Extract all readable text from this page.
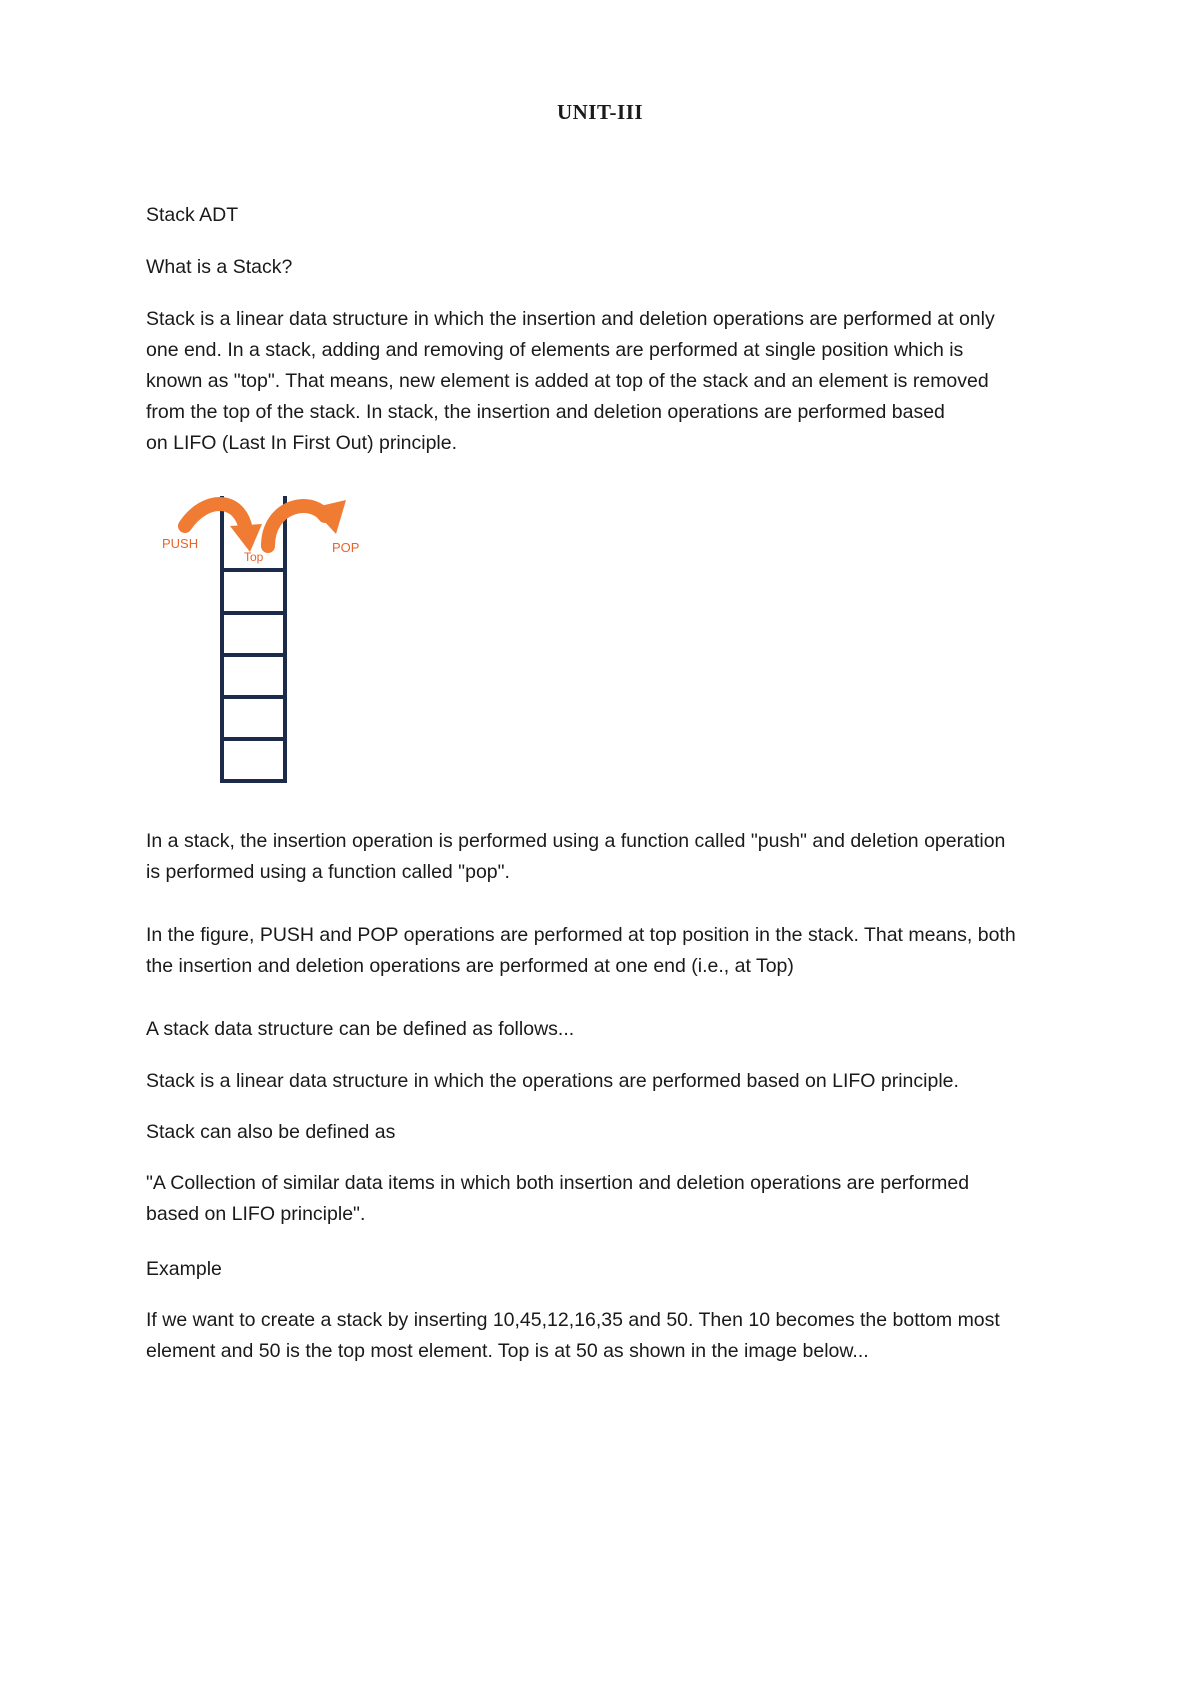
UNIT-III

Stack ADT

What is a Stack?

Stack is a linear data structure in which the insertion and deletion operations are performed at only
one end. In a stack, adding and removing of elements are performed at single position which is
known as "top". That means, new element is added at top of the stack and an element is removed
from the top of the stack. In stack, the insertion and deletion operations are performed based
on LIFO (Last In First Out) principle.
PUSH
Top
POP
In a stack, the insertion operation is performed using a function called "push" and deletion operation
is performed using a function called "pop".
In the figure, PUSH and POP operations are performed at top position in the stack. That means, both
the insertion and deletion operations are performed at one end (i.e., at Top)

A stack data structure can be defined as follows...

Stack is a linear data structure in which the operations are performed based on LIFO principle.

Stack can also be defined as

"A Collection of similar data items in which both insertion and deletion operations are performed
based on LIFO principle".

Example

If we want to create a stack by inserting 10,45,12,16,35 and 50. Then 10 becomes the bottom most
element and 50 is the top most element. Top is at 50 as shown in the image below...
